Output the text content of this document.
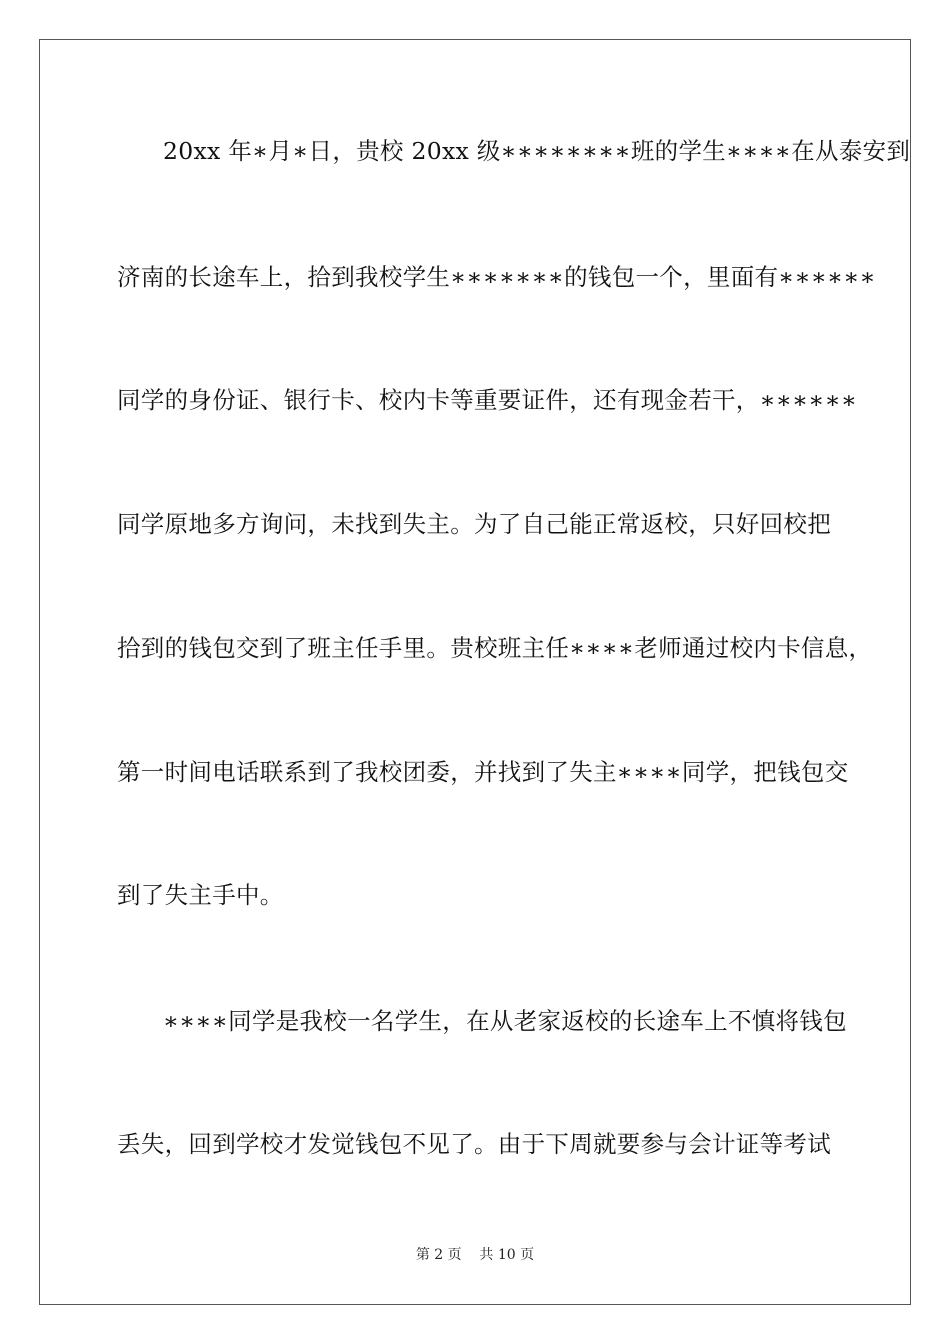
20xx 年∗月∗日，贵校 20xx 级∗∗∗∗∗∗∗∗班的学生∗∗∗∗在从泰安到
济南的长途车上，拾到我校学生∗∗∗∗∗∗∗的钱包一个，里面有∗∗∗∗∗∗
同学的身份证、银行卡、校内卡等重要证件，还有现金若干，∗∗∗∗∗∗
同学原地多方询问，未找到失主。为了自己能正常返校，只好回校把
拾到的钱包交到了班主任手里。贵校班主任∗∗∗∗老师通过校内卡信息，
第一时间电话联系到了我校团委，并找到了失主∗∗∗∗同学，把钱包交
到了失主手中。
∗∗∗∗同学是我校一名学生，在从老家返校的长途车上不慎将钱包
丢失，回到学校才发觉钱包不见了。由于下周就要参与会计证等考试
第 2 页    共 10 页
